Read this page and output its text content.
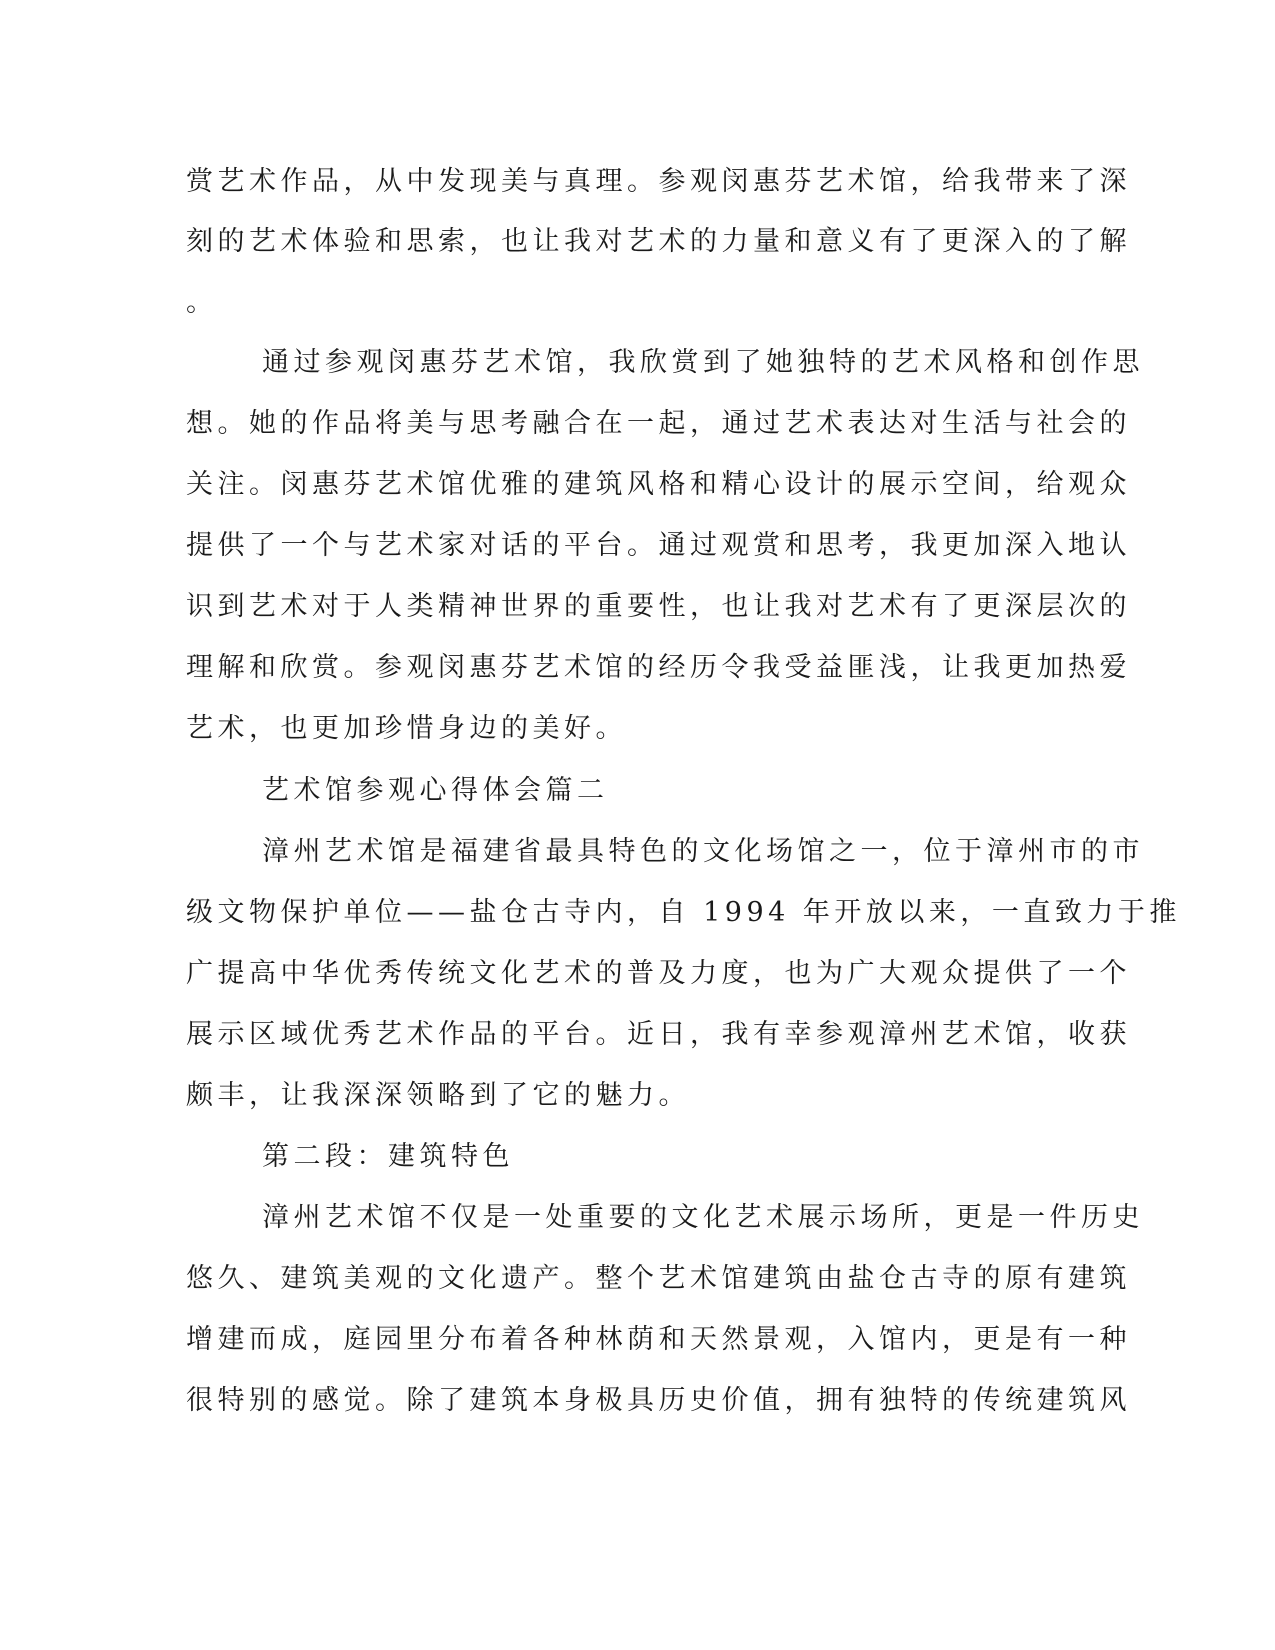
赏艺术作品，从中发现美与真理。参观闵惠芬艺术馆，给我带来了深
刻的艺术体验和思索，也让我对艺术的力量和意义有了更深入的了解
。
通过参观闵惠芬艺术馆，我欣赏到了她独特的艺术风格和创作思
想。她的作品将美与思考融合在一起，通过艺术表达对生活与社会的
关注。闵惠芬艺术馆优雅的建筑风格和精心设计的展示空间，给观众
提供了一个与艺术家对话的平台。通过观赏和思考，我更加深入地认
识到艺术对于人类精神世界的重要性，也让我对艺术有了更深层次的
理解和欣赏。参观闵惠芬艺术馆的经历令我受益匪浅，让我更加热爱
艺术，也更加珍惜身边的美好。
艺术馆参观心得体会篇二
漳州艺术馆是福建省最具特色的文化场馆之一，位于漳州市的市
级文物保护单位——盐仓古寺内，自 1994 年开放以来，一直致力于推
广提高中华优秀传统文化艺术的普及力度，也为广大观众提供了一个
展示区域优秀艺术作品的平台。近日，我有幸参观漳州艺术馆，收获
颇丰，让我深深领略到了它的魅力。
第二段：建筑特色
漳州艺术馆不仅是一处重要的文化艺术展示场所，更是一件历史
悠久、建筑美观的文化遗产。整个艺术馆建筑由盐仓古寺的原有建筑
增建而成，庭园里分布着各种林荫和天然景观，入馆内，更是有一种
很特别的感觉。除了建筑本身极具历史价值，拥有独特的传统建筑风
